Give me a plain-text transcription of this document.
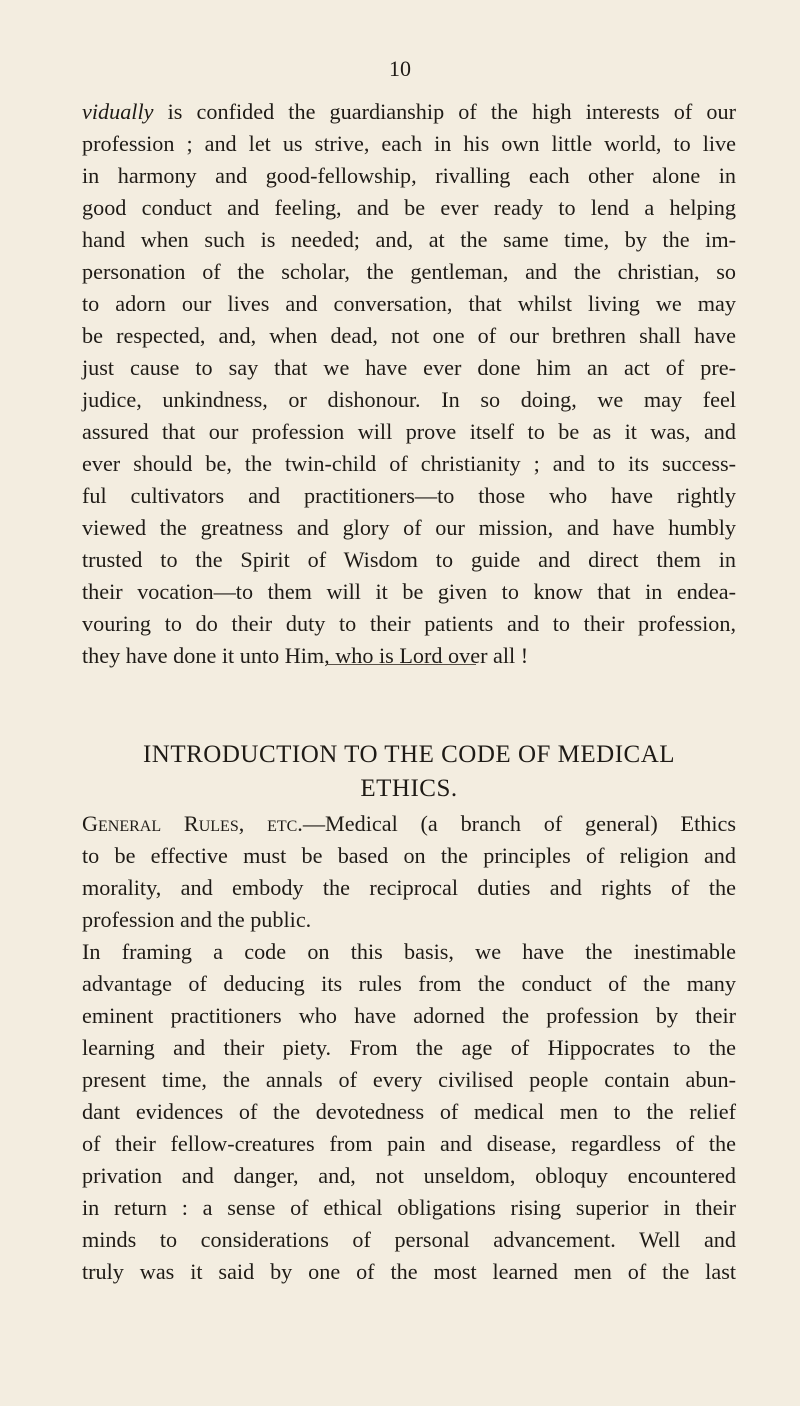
10
vidually is confided the guardianship of the high interests of our
profession ; and let us strive, each in his own little world, to live
in harmony and good-fellowship, rivalling each other alone in
good conduct and feeling, and be ever ready to lend a helping
hand when such is needed; and, at the same time, by the im-
personation of the scholar, the gentleman, and the christian, so
to adorn our lives and conversation, that whilst living we may
be respected, and, when dead, not one of our brethren shall have
just cause to say that we have ever done him an act of pre-
judice, unkindness, or dishonour. In so doing, we may feel
assured that our profession will prove itself to be as it was, and
ever should be, the twin-child of christianity ; and to its success-
ful cultivators and practitioners—to those who have rightly
viewed the greatness and glory of our mission, and have humbly
trusted to the Spirit of Wisdom to guide and direct them in
their vocation—to them will it be given to know that in endea-
vouring to do their duty to their patients and to their profession,
they have done it unto Him, who is Lord over all !
INTRODUCTION TO THE CODE OF MEDICAL
ETHICS.
General Rules, etc.—Medical (a branch of general) Ethics
to be effective must be based on the principles of religion and
morality, and embody the reciprocal duties and rights of the
profession and the public.
In framing a code on this basis, we have the inestimable
advantage of deducing its rules from the conduct of the many
eminent practitioners who have adorned the profession by their
learning and their piety. From the age of Hippocrates to the
present time, the annals of every civilised people contain abun-
dant evidences of the devotedness of medical men to the relief
of their fellow-creatures from pain and disease, regardless of the
privation and danger, and, not unseldom, obloquy encountered
in return : a sense of ethical obligations rising superior in their
minds to considerations of personal advancement. Well and
truly was it said by one of the most learned men of the last
